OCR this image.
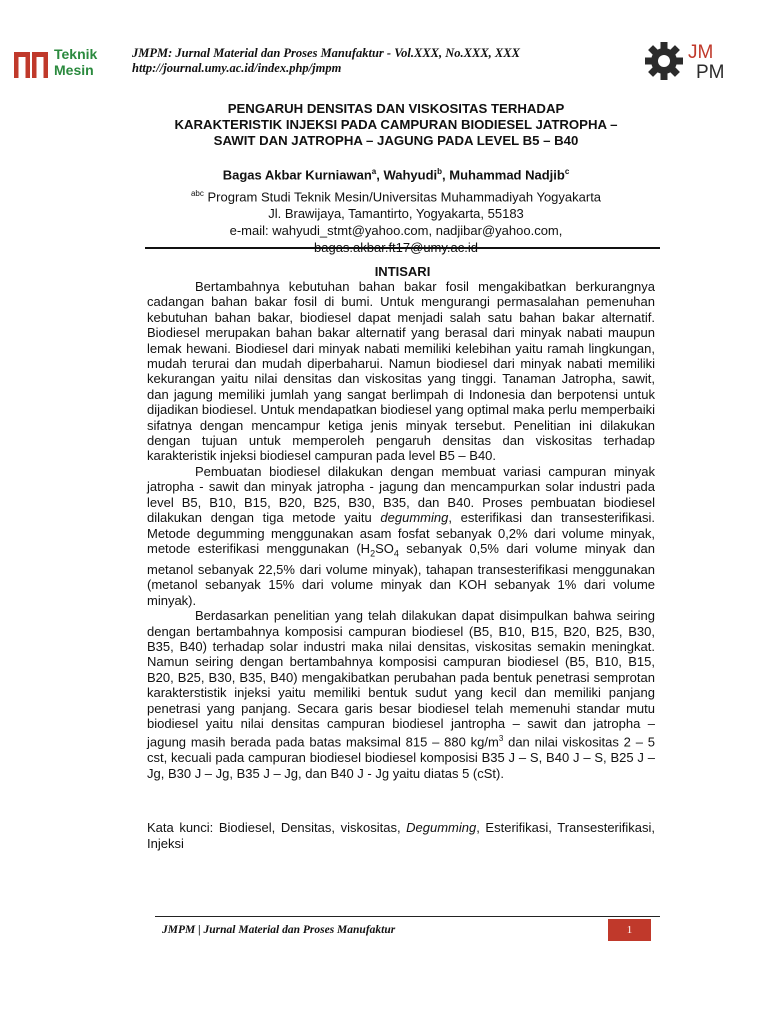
Teknik
Mesin
JMPM: Jurnal Material dan Proses Manufaktur - Vol.XXX, No.XXX, XXX
http://journal.umy.ac.id/index.php/jmpm
JM
PM
PENGARUH DENSITAS DAN VISKOSITAS TERHADAP
KARAKTERISTIK INJEKSI PADA CAMPURAN BIODIESEL JATROPHA –
SAWIT DAN JATROPHA – JAGUNG PADA LEVEL B5 – B40
Bagas Akbar Kurniawan$^a$, Wahyudi$^b$, Muhammad Nadjib$^c$
$^{abc}$ Program Studi Teknik Mesin/Universitas Muhammadiyah Yogyakarta
Jl. Brawijaya, Tamantirto, Yogyakarta, 55183
e-mail: wahyudi_stmt@yahoo.com, nadjibar@yahoo.com,
bagas.akbar.ft17@umy.ac.id
INTISARI

Bertambahnya kebutuhan bahan bakar fosil mengakibatkan berkurangnya cadangan bahan bakar fosil di bumi. Untuk mengurangi permasalahan pemenuhan kebutuhan bahan bakar, biodiesel dapat menjadi salah satu bahan bakar alternatif. Biodiesel merupakan bahan bakar alternatif yang berasal dari minyak nabati maupun lemak hewani. Biodiesel dari minyak nabati memiliki kelebihan yaitu ramah lingkungan, mudah terurai dan mudah diperbaharui. Namun biodiesel dari minyak nabati memiliki kekurangan yaitu nilai densitas dan viskositas yang tinggi. Tanaman Jatropha, sawit, dan jagung memiliki jumlah yang sangat berlimpah di Indonesia dan berpotensi untuk dijadikan biodiesel. Untuk mendapatkan biodiesel yang optimal maka perlu memperbaiki sifatnya dengan mencampur ketiga jenis minyak tersebut. Penelitian ini dilakukan dengan tujuan untuk memperoleh pengaruh densitas dan viskositas terhadap karakteristik injeksi biodiesel campuran pada level B5 – B40.

Pembuatan biodiesel dilakukan dengan membuat variasi campuran minyak jatropha - sawit dan minyak jatropha - jagung dan mencampurkan solar industri pada level B5, B10, B15, B20, B25, B30, B35, dan B40. Proses pembuatan biodiesel dilakukan dengan tiga metode yaitu degumming, esterifikasi dan transesterifikasi. Metode degumming menggunakan asam fosfat sebanyak 0,2% dari volume minyak, metode esterifikasi menggunakan ($H_2SO_4$ sebanyak 0,5% dari volume minyak dan metanol sebanyak 22,5% dari volume minyak), tahapan transesterifikasi menggunakan (metanol sebanyak 15% dari volume minyak dan KOH sebanyak 1% dari volume minyak).

Berdasarkan penelitian yang telah dilakukan dapat disimpulkan bahwa seiring dengan bertambahnya komposisi campuran biodiesel (B5, B10, B15, B20, B25, B30, B35, B40) terhadap solar industri maka nilai densitas, viskositas semakin meningkat. Namun seiring dengan bertambahnya komposisi campuran biodiesel (B5, B10, B15, B20, B25, B30, B35, B40) mengakibatkan perubahan pada bentuk penetrasi semprotan karakterstistik injeksi yaitu memiliki bentuk sudut yang kecil dan memiliki panjang penetrasi yang panjang. Secara garis besar biodiesel telah memenuhi standar mutu biodiesel yaitu nilai densitas campuran biodiesel jantropha – sawit dan jatropha – jagung masih berada pada batas maksimal 815 – 880 $kg/m^3$ dan nilai viskositas 2 – 5 cst, kecuali pada campuran biodiesel biodiesel komposisi B35 J – S, B40 J – S, B25 J – Jg, B30 J – Jg, B35 J – Jg, dan B40 J - Jg yaitu diatas 5 (cSt).

Kata kunci: Biodiesel, Densitas, viskositas, Degumming, Esterifikasi, Transesterifikasi, Injeksi
JMPM | Jurnal Material dan Proses Manufaktur	1
